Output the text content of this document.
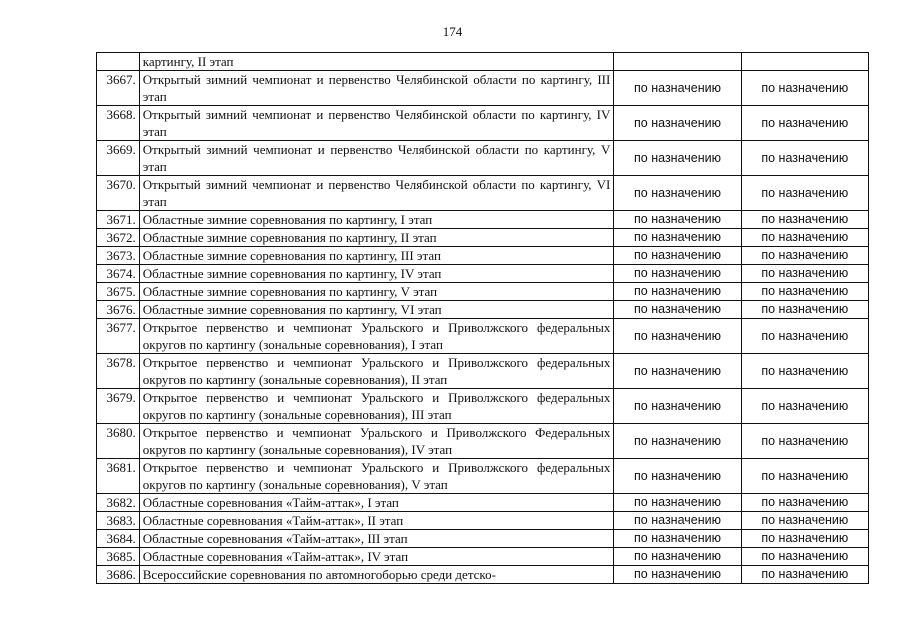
174
	картингу, II этап		
3667.	Открытый зимний чемпионат и первенство Челябинской области по картингу, III этап	по назначению	по назначению
3668.	Открытый зимний чемпионат и первенство Челябинской области по картингу, IV этап	по назначению	по назначению
3669.	Открытый зимний чемпионат и первенство Челябинской области по картингу, V этап	по назначению	по назначению
3670.	Открытый зимний чемпионат и первенство Челябинской области по картингу, VI этап	по назначению	по назначению
3671.	Областные зимние соревнования по картингу, I этап	по назначению	по назначению
3672.	Областные зимние соревнования по картингу, II этап	по назначению	по назначению
3673.	Областные зимние соревнования по картингу, III этап	по назначению	по назначению
3674.	Областные зимние соревнования по картингу, IV этап	по назначению	по назначению
3675.	Областные зимние соревнования по картингу, V этап	по назначению	по назначению
3676.	Областные зимние соревнования по картингу, VI этап	по назначению	по назначению
3677.	Открытое первенство и чемпионат Уральского и Приволжского федеральных округов по картингу (зональные соревнования), I этап	по назначению	по назначению
3678.	Открытое первенство и чемпионат Уральского и Приволжского федеральных округов по картингу (зональные соревнования), II этап	по назначению	по назначению
3679.	Открытое первенство и чемпионат Уральского и Приволжского федеральных округов по картингу (зональные соревнования), III этап	по назначению	по назначению
3680.	Открытое первенство и чемпионат Уральского и Приволжского Федеральных округов по картингу (зональные соревнования), IV этап	по назначению	по назначению
3681.	Открытое первенство и чемпионат Уральского и Приволжского федеральных округов по картингу (зональные соревнования), V этап	по назначению	по назначению
3682.	Областные соревнования «Тайм-аттак», I этап	по назначению	по назначению
3683.	Областные соревнования «Тайм-аттак», II этап	по назначению	по назначению
3684.	Областные соревнования «Тайм-аттак», III этап	по назначению	по назначению
3685.	Областные соревнования «Тайм-аттак», IV этап	по назначению	по назначению
3686.	Всероссийские соревнования по автомногоборью среди детско-	по назначению	по назначению
